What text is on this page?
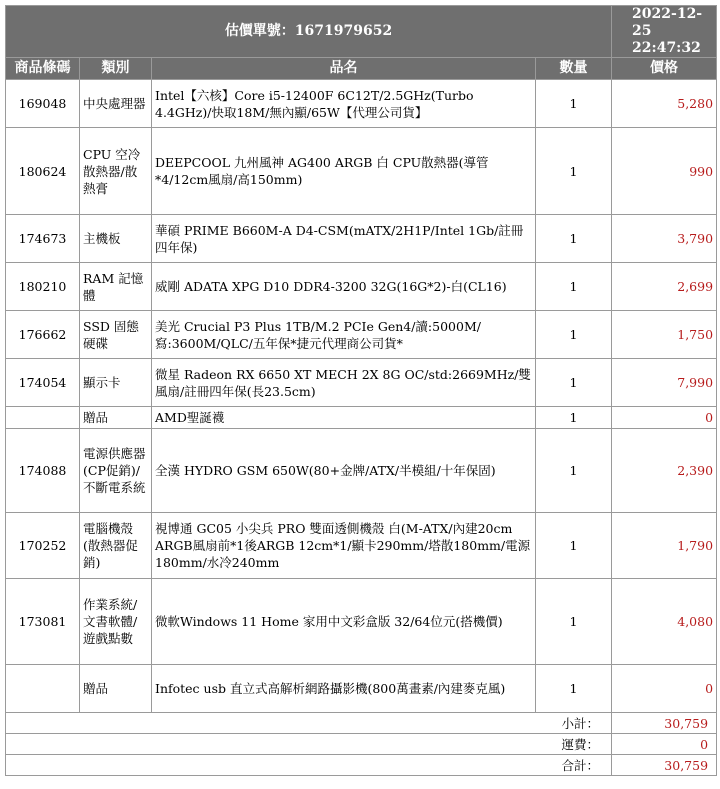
估價單號：1671979652				2022-12-25 22:47:32
商品條碼	類別	品名	數量	價格
169048	中央處理器	Intel【六核】Core i5-12400F 6C12T/2.5GHz(Turbo 4.4GHz)/快取18M/無內顯/65W【代理公司貨】	1	5,280
180624	CPU 空冷散熱器/散熱膏	DEEPCOOL 九州風神 AG400 ARGB 白 CPU散熱器(導管*4/12cm風扇/高150mm)	1	990
174673	主機板	華碩 PRIME B660M-A D4-CSM(mATX/2H1P/Intel 1Gb/註冊四年保)	1	3,790
180210	RAM 記憶體	威剛 ADATA XPG D10 DDR4-3200 32G(16G*2)-白(CL16)	1	2,699
176662	SSD 固態硬碟	美光 Crucial P3 Plus 1TB/M.2 PCIe Gen4/讀:5000M/寫:3600M/QLC/五年保*捷元代理商公司貨*	1	1,750
174054	顯示卡	微星 Radeon RX 6650 XT MECH 2X 8G OC/std:2669MHz/雙風扇/註冊四年保(長23.5cm)	1	7,990
	贈品	AMD聖誕襪	1	0
174088	電源供應器(CP促銷)/不斷電系統	全漢 HYDRO GSM 650W(80+金牌/ATX/半模組/十年保固)	1	2,390
170252	電腦機殼(散熱器促銷)	視博通 GC05 小尖兵 PRO 雙面透側機殼 白(M-ATX/內建20cm ARGB風扇前*1後ARGB 12cm*1/顯卡290mm/塔散180mm/電源180mm/水冷240mm	1	1,790
173081	作業系統/文書軟體/遊戲點數	微軟Windows 11 Home 家用中文彩盒版 32/64位元(搭機價)	1	4,080
	贈品	Infotec usb 直立式高解析網路攝影機(800萬畫素/內建麥克風)	1	0
小計：				30,759
運費：				0
合計：				30,759
